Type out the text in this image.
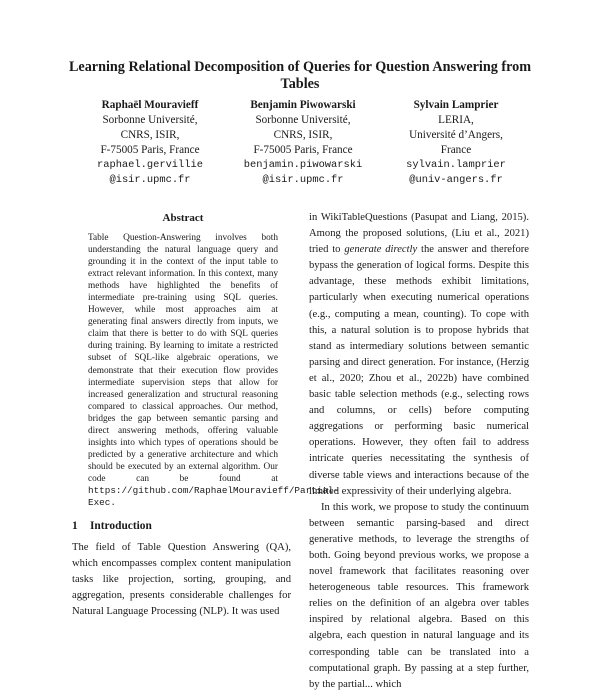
Learning Relational Decomposition of Queries for Question Answering from Tables
Raphaël Mouravieff
Sorbonne Université,
CNRS, ISIR,
F-75005 Paris, France
raphael.gervillie
@isir.upmc.fr
Benjamin Piwowarski
Sorbonne Université,
CNRS, ISIR,
F-75005 Paris, France
benjamin.piwowarski
@isir.upmc.fr
Sylvain Lamprier
LERIA,
Université d’Angers,
France
sylvain.lamprier
@univ-angers.fr
Abstract
Table Question-Answering involves both understanding the natural language query and grounding it in the context of the input table to extract relevant information. In this context, many methods have highlighted the benefits of intermediate pre-training using SQL queries. However, while most approaches aim at generating final answers directly from inputs, we claim that there is better to do with SQL queries during training. By learning to imitate a restricted subset of SQL-like algebraic operations, we demonstrate that their execution flow provides intermediate supervision steps that allow for increased generalization and structural reasoning compared to classical approaches. Our method, bridges the gap between semantic parsing and direct answering methods, offering valuable insights into which types of operations should be predicted by a generative architecture and which should be executed by an external algorithm. Our code can be found at https://github.com/RaphaelMouravieff/Partial-Exec.
1 Introduction
The field of Table Question Answering (QA), which encompasses complex content manipulation tasks like projection, sorting, grouping, and aggregation, presents considerable challenges for Natural Language Processing (NLP). It was used

in WikiTableQuestions (Pasupat and Liang, 2015). Among the proposed solutions, (Liu et al., 2021) tried to generate directly the answer and therefore bypass the generation of logical forms. Despite this advantage, these methods exhibit limitations, particularly when executing numerical operations (e.g., computing a mean, counting). To cope with this, a natural solution is to propose hybrids that stand as intermediary solutions between semantic parsing and direct generation. For instance, (Herzig et al., 2020; Zhou et al., 2022b) have combined basic table selection methods (e.g., selecting rows and columns, or cells) before computing aggregations or performing basic numerical operations. However, they often fail to address intricate queries necessitating the synthesis of diverse table views and interactions because of the limited expressivity of their underlying algebra.

In this work, we propose to study the continuum between semantic parsing-based and direct generative methods, to leverage the strengths of both. Going beyond previous works, we propose a novel framework that facilitates reasoning over heterogeneous table resources. This framework relies on the definition of an algebra over tables inspired by relational algebra. Based on this algebra, each question in natural language and its corresponding table can be translated into a computational graph. By passing at a step further, by the partial... which
